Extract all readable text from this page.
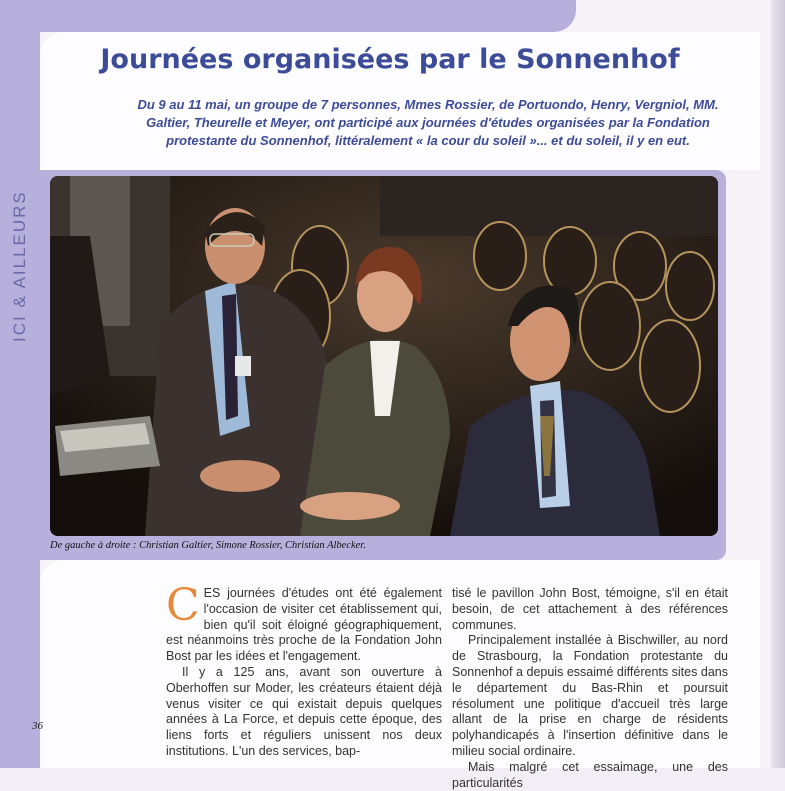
ICI & AILLEURS
Journées organisées par le Sonnenhof
Du 9 au 11 mai, un groupe de 7 personnes, Mmes Rossier, de Portuondo, Henry, Vergniol, MM. Galtier, Theurelle et Meyer, ont participé aux journées d'études organisées par la Fondation protestante du Sonnenhof, littéralement « la cour du soleil »... et du soleil, il y en eut.
De gauche à droite : Christian Galtier, Simone Rossier, Christian Albecker.

CES journées d'études ont été également l'occasion de visiter cet établissement qui, bien qu'il soit éloigné géographiquement, est néanmoins très proche de la Fondation John Bost par les idées et l'engagement.

Il y a 125 ans, avant son ouverture à Oberhoffen sur Moder, les créateurs étaient déjà venus visiter ce qui existait depuis quelques années à La Force, et depuis cette époque, des liens forts et réguliers unissent nos deux institutions. L'un des services, bap-

tisé le pavillon John Bost, témoigne, s'il en était besoin, de cet attachement à des références communes.

Principalement installée à Bischwiller, au nord de Strasbourg, la Fondation protestante du Sonnenhof a depuis essaimé différents sites dans le département du Bas-Rhin et poursuit résolument une politique d'accueil très large allant de la prise en charge de résidents polyhandicapés à l'insertion définitive dans le milieu social ordinaire.

Mais malgré cet essaimage, une des particularités

36
